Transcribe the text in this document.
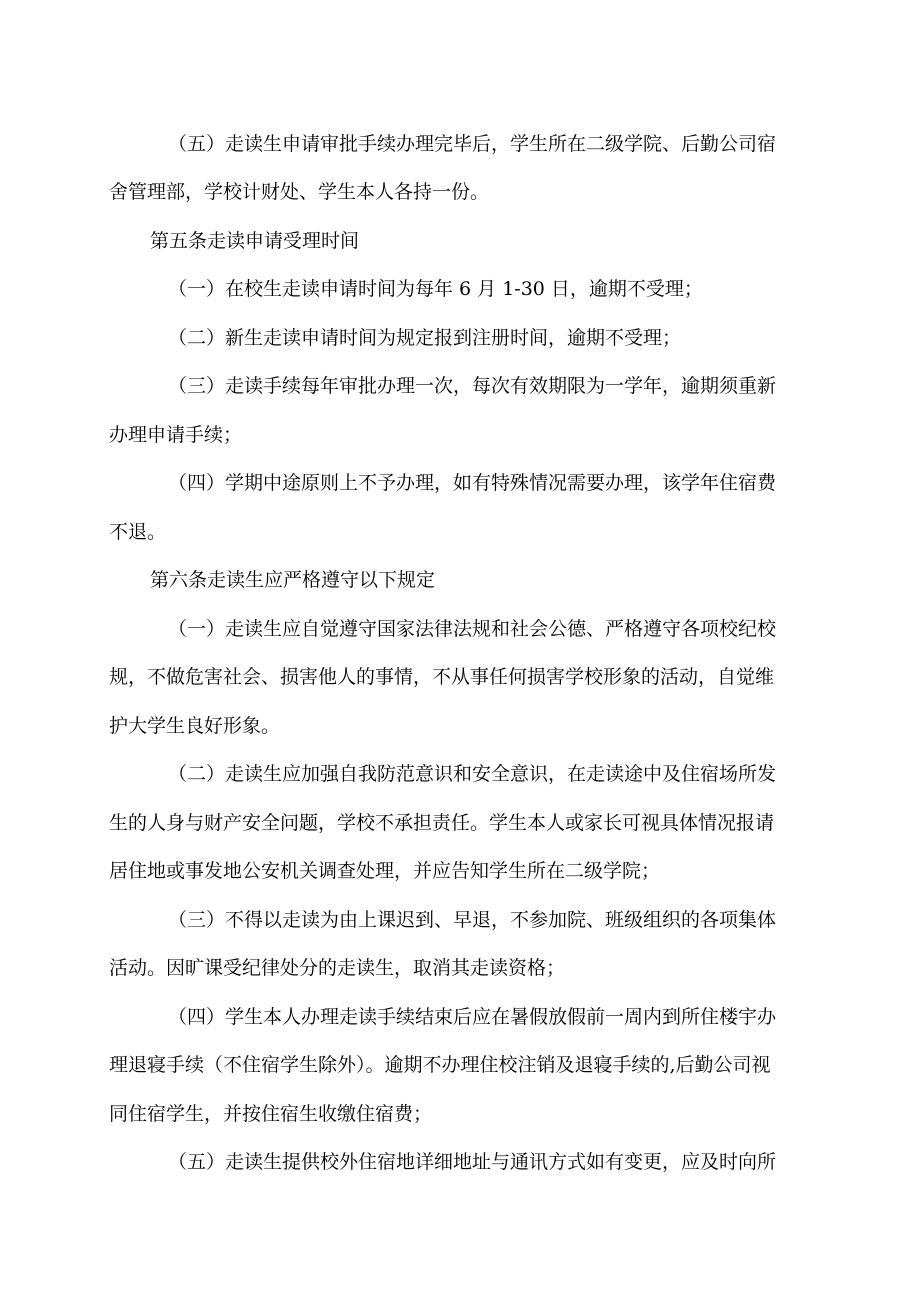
（五）走读生申请审批手续办理完毕后，学生所在二级学院、后勤公司宿
舍管理部，学校计财处、学生本人各持一份。
第五条走读申请受理时间
（一）在校生走读申请时间为每年 6 月 1-30 日，逾期不受理；
（二）新生走读申请时间为规定报到注册时间，逾期不受理；
（三）走读手续每年审批办理一次，每次有效期限为一学年，逾期须重新
办理申请手续；
（四）学期中途原则上不予办理，如有特殊情况需要办理，该学年住宿费
不退。
第六条走读生应严格遵守以下规定
（一）走读生应自觉遵守国家法律法规和社会公德、严格遵守各项校纪校
规，不做危害社会、损害他人的事情，不从事任何损害学校形象的活动，自觉维
护大学生良好形象。
（二）走读生应加强自我防范意识和安全意识，在走读途中及住宿场所发
生的人身与财产安全问题，学校不承担责任。学生本人或家长可视具体情况报请
居住地或事发地公安机关调查处理，并应告知学生所在二级学院；
（三）不得以走读为由上课迟到、早退，不参加院、班级组织的各项集体
活动。因旷课受纪律处分的走读生，取消其走读资格；
（四）学生本人办理走读手续结束后应在暑假放假前一周内到所住楼宇办
理退寝手续（不住宿学生除外）。逾期不办理住校注销及退寝手续的,后勤公司视
同住宿学生，并按住宿生收缴住宿费；
（五）走读生提供校外住宿地详细地址与通讯方式如有变更，应及时向所
